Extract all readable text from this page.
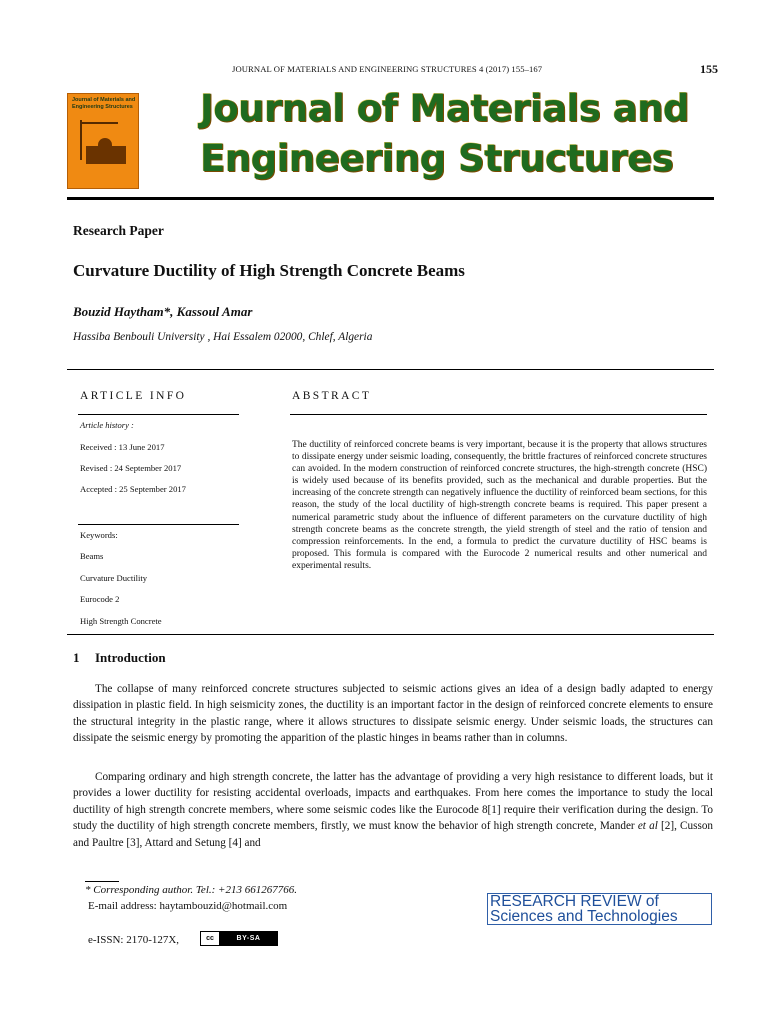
JOURNAL OF MATERIALS AND ENGINEERING STRUCTURES 4 (2017) 155–167	155
Journal of Materials and Engineering Structures Journal of Materials and
Engineering Structures
Research Paper
Curvature Ductility of High Strength Concrete Beams
Bouzid Haytham*, Kassoul Amar
Hassiba Benbouli University , Hai Essalem 02000, Chlef, Algeria
ARTICLE INFO
Article history :
Received : 13 June 2017
Revised : 24 September 2017
Accepted : 25 September 2017
Keywords:
Beams
Curvature Ductility
Eurocode 2
High Strength Concrete
ABSTRACT
The ductility of reinforced concrete beams is very important, because it is the property that allows structures to dissipate energy under seismic loading, consequently, the brittle fractures of reinforced concrete structures can avoided. In the modern construction of reinforced concrete structures, the high-strength concrete (HSC) is widely used because of its benefits provided, such as the mechanical and durable properties. But the increasing of the concrete strength can negatively influence the ductility of reinforced beam sections, for this reason, the study of the local ductility of high-strength concrete beams is required. This paper present a numerical parametric study about the influence of different parameters on the curvature ductility of high strength concrete beams as the concrete strength, the yield strength of steel and the ratio of tension and compression reinforcements. In the end, a formula to predict the curvature ductility of HSC beams is proposed. This formula is compared with the Eurocode 2 numerical results and other numerical and experimental results.
1 Introduction
The collapse of many reinforced concrete structures subjected to seismic actions gives an idea of a design badly adapted to energy dissipation in plastic field. In high seismicity zones, the ductility is an important factor in the design of reinforced concrete elements to ensure the structural integrity in the plastic range, where it allows structures to dissipate seismic energy. Under seismic loads, the structures can dissipate the seismic energy by promoting the apparition of the plastic hinges in beams rather than in columns.
Comparing ordinary and high strength concrete, the latter has the advantage of providing a very high resistance to different loads, but it provides a lower ductility for resisting accidental overloads, impacts and earthquakes. From here comes the importance to study the local ductility of high strength concrete members, where some seismic codes like the Eurocode 8[1] require their verification during the design. To study the ductility of high strength concrete members, firstly, we must know the behavior of high strength concrete, Mander et al [2], Cusson and Paultre [3], Attard and Setung [4] and
* Corresponding author. Tel.: +213 661267766.
E-mail address: haytambouzid@hotmail.com
e-ISSN: 2170-127X,	cc	BY-SA
RESEARCH REVIEW of
Sciences and Technologies
